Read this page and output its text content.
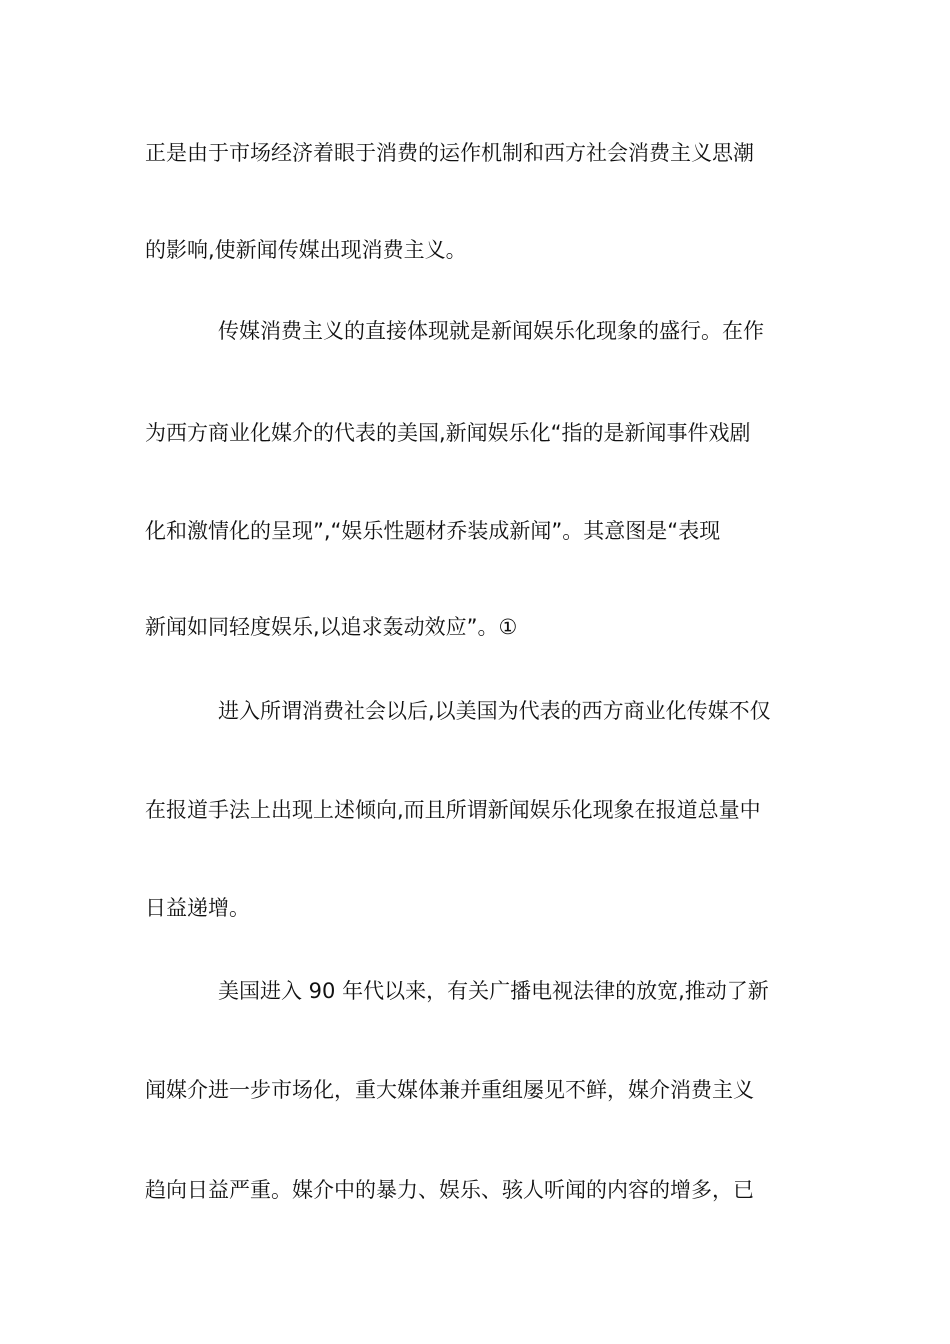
正是由于市场经济着眼于消费的运作机制和西方社会消费主义思潮
的影响,使新闻传媒出现消费主义。
传媒消费主义的直接体现就是新闻娱乐化现象的盛行。在作
为西方商业化媒介的代表的美国,新闻娱乐化“指的是新闻事件戏剧
化和激情化的呈现”,“娱乐性题材乔装成新闻”。其意图是“表现
新闻如同轻度娱乐,以追求轰动效应”。①
进入所谓消费社会以后,以美国为代表的西方商业化传媒不仅
在报道手法上出现上述倾向,而且所谓新闻娱乐化现象在报道总量中
日益递增。
美国进入 90 年代以来，有关广播电视法律的放宽,推动了新
闻媒介进一步市场化，重大媒体兼并重组屡见不鲜，媒介消费主义
趋向日益严重。媒介中的暴力、娱乐、骇人听闻的内容的增多，已
